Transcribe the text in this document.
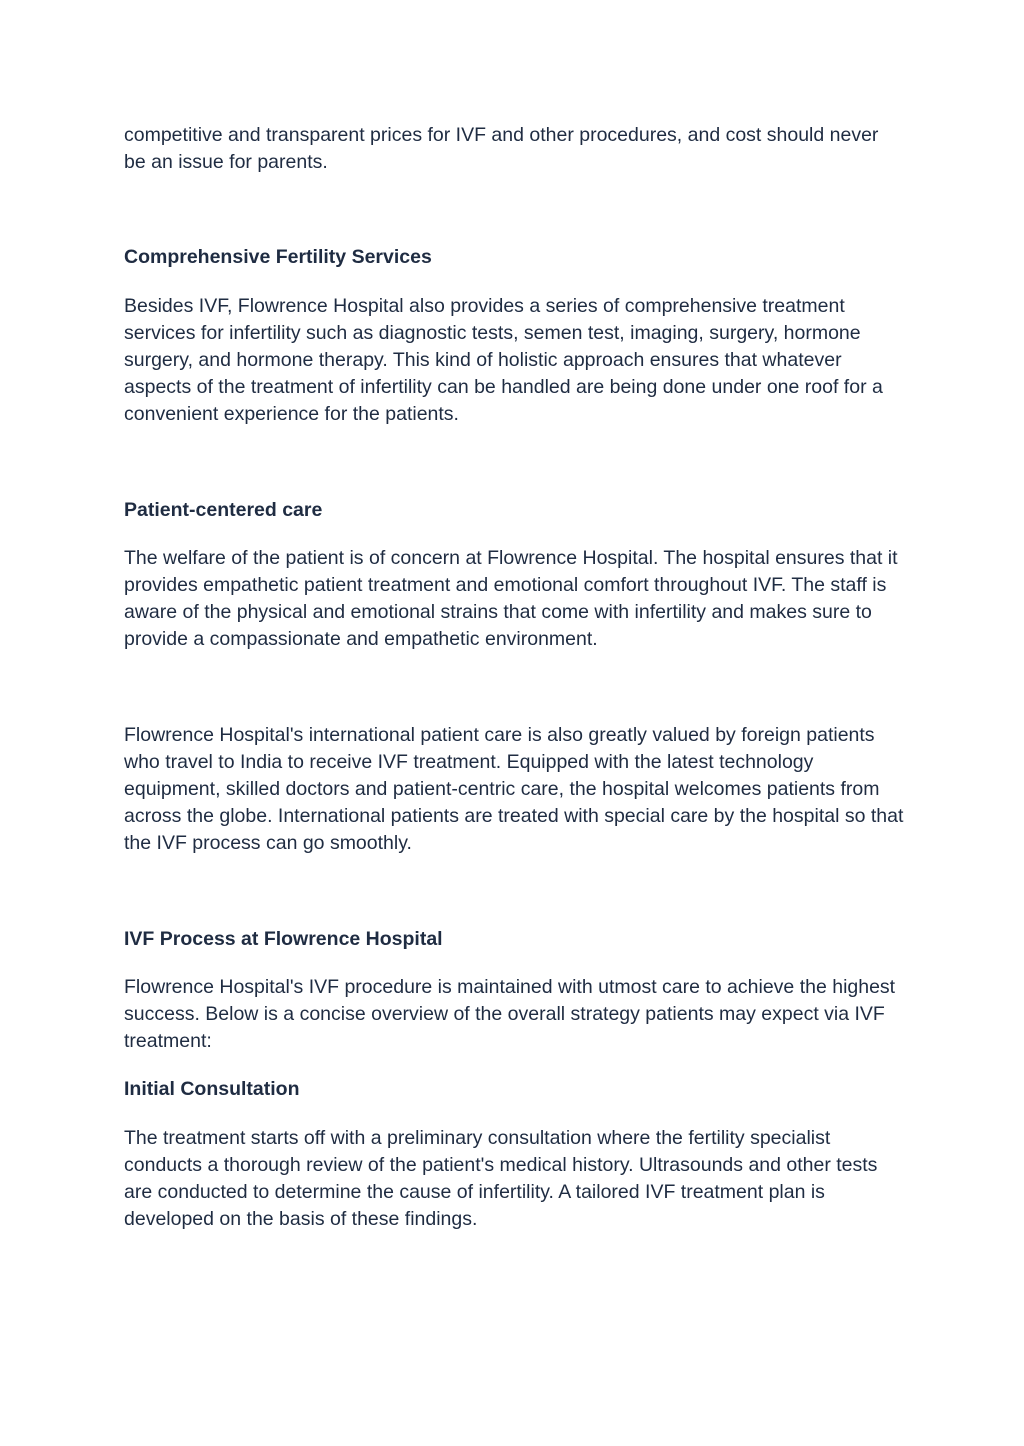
competitive and transparent prices for IVF and other procedures, and cost should never be an issue for parents.

Comprehensive Fertility Services

Besides IVF, Flowrence Hospital also provides a series of comprehensive treatment services for infertility such as diagnostic tests, semen test, imaging, surgery, hormone surgery, and hormone therapy. This kind of holistic approach ensures that whatever aspects of the treatment of infertility can be handled are being done under one roof for a convenient experience for the patients.

Patient-centered care

The welfare of the patient is of concern at Flowrence Hospital. The hospital ensures that it provides empathetic patient treatment and emotional comfort throughout IVF. The staff is aware of the physical and emotional strains that come with infertility and makes sure to provide a compassionate and empathetic environment.

Flowrence Hospital's international patient care is also greatly valued by foreign patients who travel to India to receive IVF treatment. Equipped with the latest technology equipment, skilled doctors and patient-centric care, the hospital welcomes patients from across the globe. International patients are treated with special care by the hospital so that the IVF process can go smoothly.

IVF Process at Flowrence Hospital

Flowrence Hospital's IVF procedure is maintained with utmost care to achieve the highest success. Below is a concise overview of the overall strategy patients may expect via IVF treatment:

Initial Consultation

The treatment starts off with a preliminary consultation where the fertility specialist conducts a thorough review of the patient's medical history. Ultrasounds and other tests are conducted to determine the cause of infertility. A tailored IVF treatment plan is developed on the basis of these findings.
